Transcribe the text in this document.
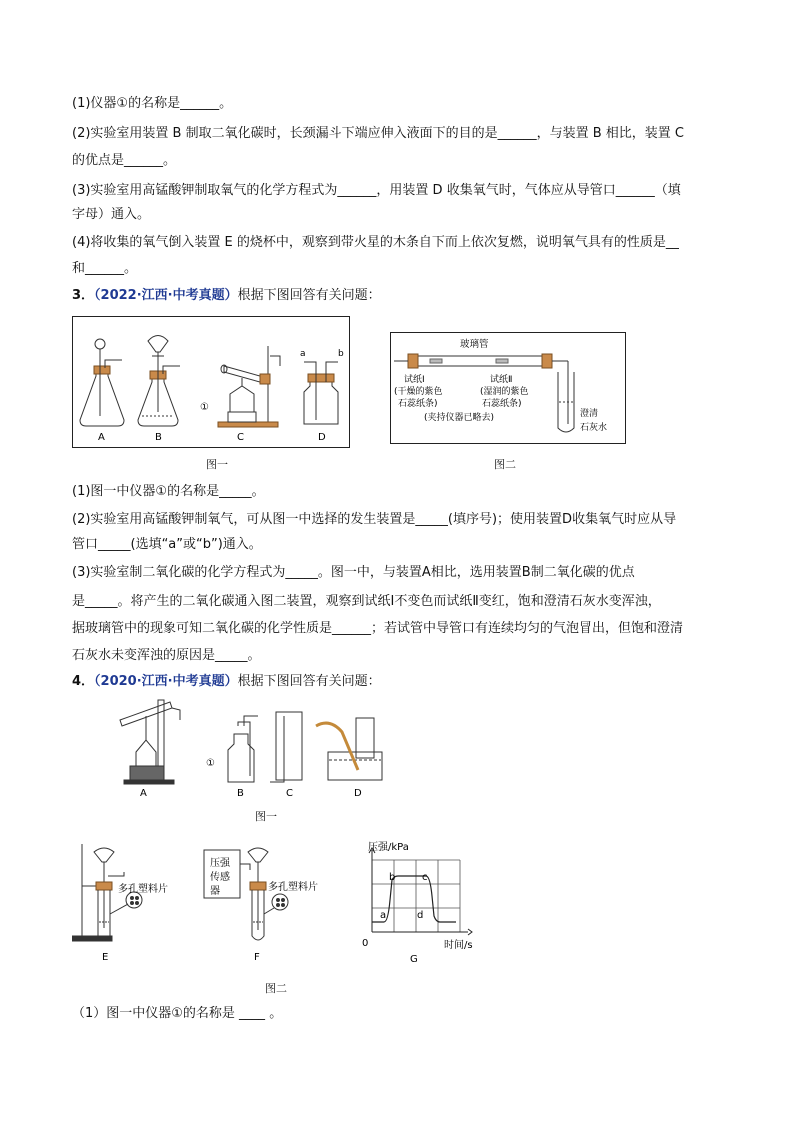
(1)仪器①的名称是______。
(2)实验室用装置 B 制取二氧化碳时，长颈漏斗下端应伸入液面下的目的是______，与装置 B 相比，装置 C
的优点是______。
(3)实验室用高锰酸钾制取氧气的化学方程式为______，用装置 D 收集氧气时，气体应从导管口______（填
字母）通入。
(4)将收集的氧气倒入装置 E 的烧杯中，观察到带火星的木条自下而上依次复燃，说明氧气具有的性质是__
和______。
3．（2022·江西·中考真题）根据下图回答有关问题：
A	B
①
C
a	b
D
图一
玻璃管
试纸Ⅰ
(干燥的紫色
石蕊纸条)
试纸Ⅱ
(湿润的紫色
石蕊纸条)
(夹持仪器已略去)	澄清
石灰水
图二
(1)图一中仪器①的名称是_____。
(2)实验室用高锰酸钾制氧气，可从图一中选择的发生装置是_____(填序号)；使用装置D收集氧气时应从导
管口_____(选填“a”或“b”)通入。
(3)实验室制二氧化碳的化学方程式为_____。图一中，与装置A相比，选用装置B制二氧化碳的优点
是_____。将产生的二氧化碳通入图二装置，观察到试纸Ⅰ不变色而试纸Ⅱ变红，饱和澄清石灰水变浑浊，
据玻璃管中的现象可知二氧化碳的化学性质是______；若试管中导管口有连续均匀的气泡冒出，但饱和澄清
石灰水未变浑浊的原因是_____。
4．（2020·江西·中考真题）根据下图回答有关问题：
A
①
B	C	D
图一
多孔塑料片
E
压强
传感
器	多孔塑料片
F
压强/kPa
时间/s
0
a
b	c
d
G
图二
（1）图一中仪器①的名称是 ____ 。
